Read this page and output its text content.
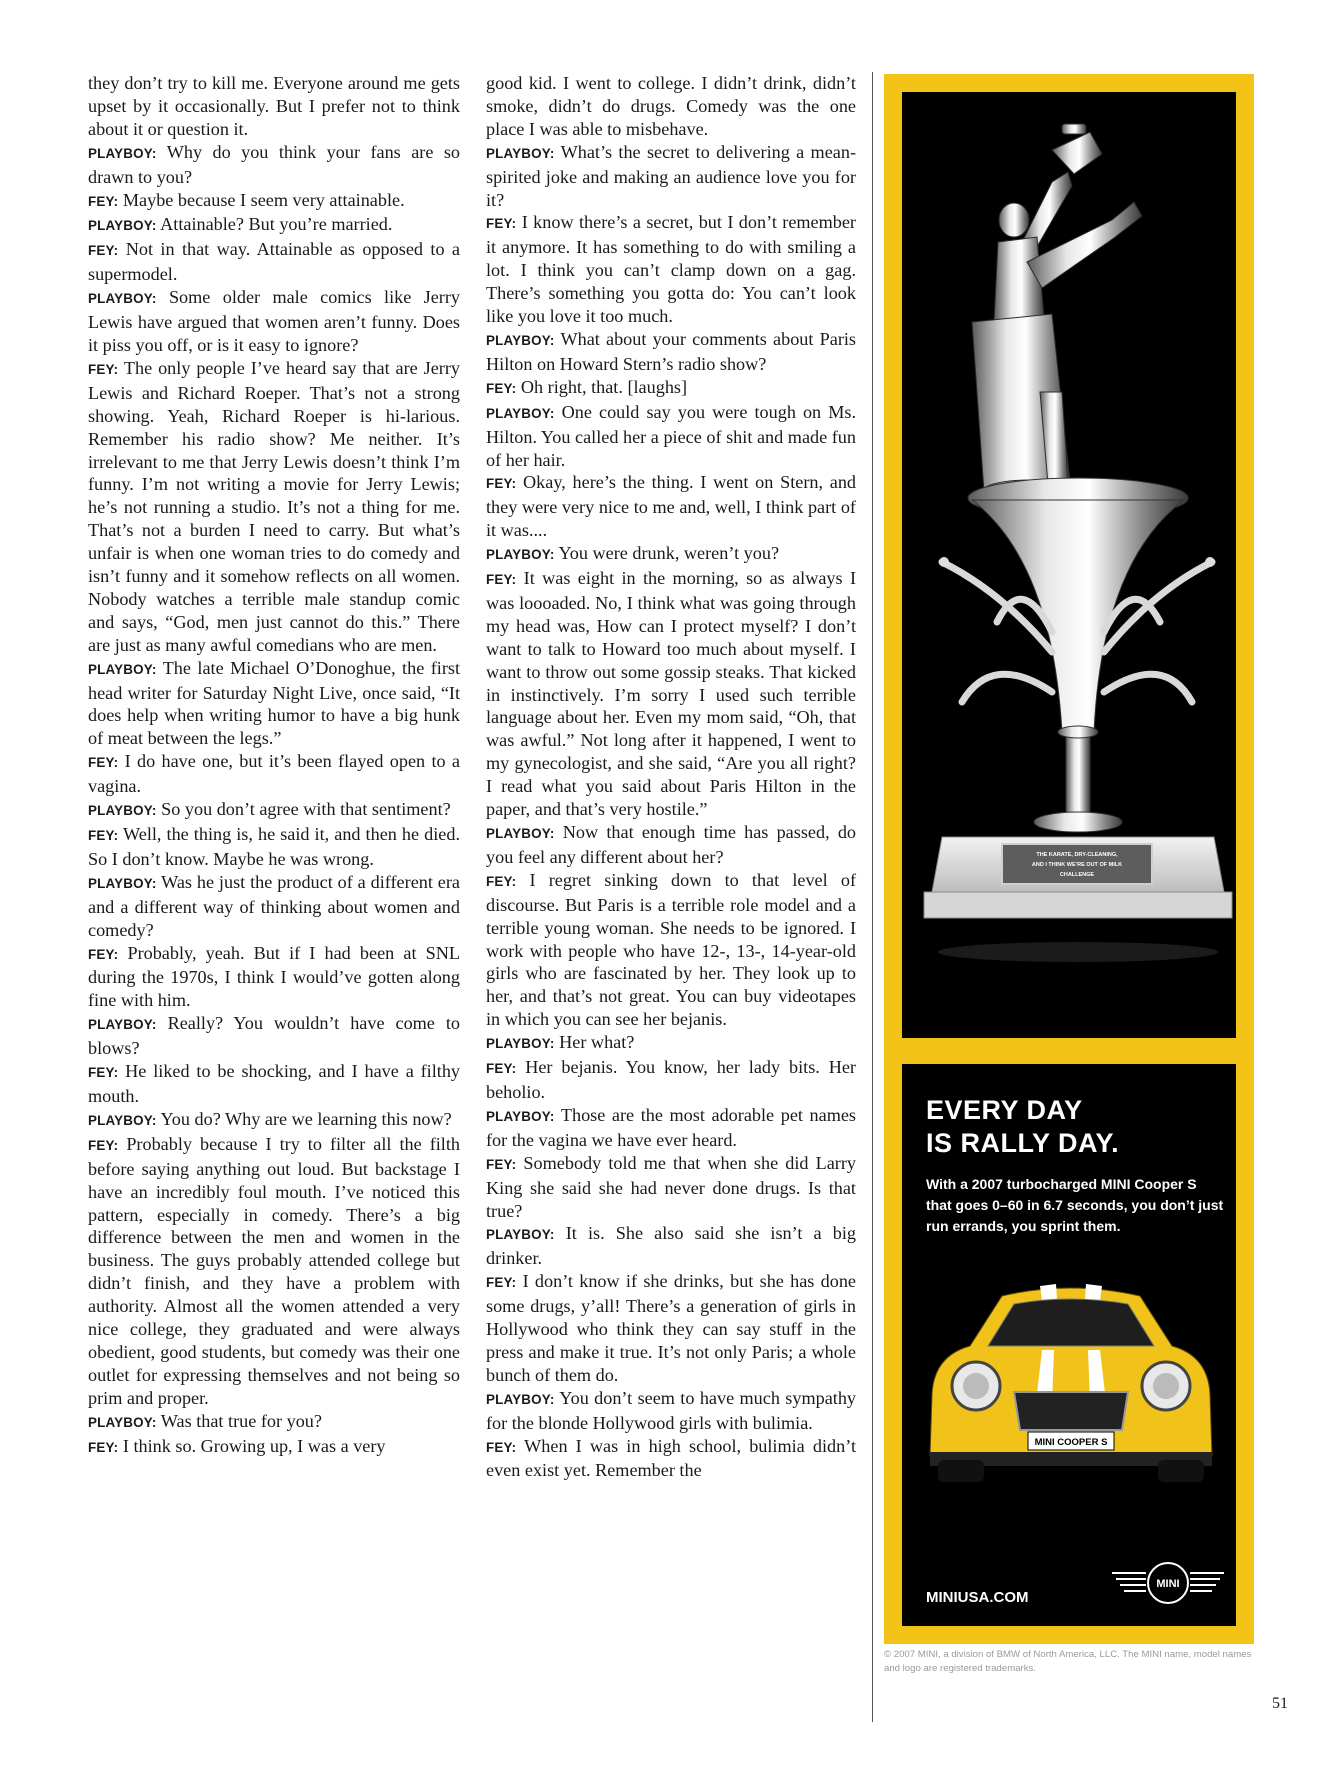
they don’t try to kill me. Everyone around me gets upset by it occasionally. But I prefer not to think about it or question it.

PLAYBOY: Why do you think your fans are so drawn to you?

FEY: Maybe because I seem very attainable.

PLAYBOY: Attainable? But you’re married.

FEY: Not in that way. Attainable as opposed to a supermodel.

PLAYBOY: Some older male comics like Jerry Lewis have argued that women aren’t funny. Does it piss you off, or is it easy to ignore?

FEY: The only people I’ve heard say that are Jerry Lewis and Richard Roeper. That’s not a strong showing. Yeah, Richard Roeper is hi-larious. Remember his radio show? Me neither. It’s irrelevant to me that Jerry Lewis doesn’t think I’m funny. I’m not writing a movie for Jerry Lewis; he’s not running a studio. It’s not a thing for me. That’s not a burden I need to carry. But what’s unfair is when one woman tries to do comedy and isn’t funny and it somehow reflects on all women. Nobody watches a terrible male standup comic and says, “God, men just cannot do this.” There are just as many awful comedians who are men.

PLAYBOY: The late Michael O’Donoghue, the first head writer for Saturday Night Live, once said, “It does help when writing humor to have a big hunk of meat between the legs.”

FEY: I do have one, but it’s been flayed open to a vagina.

PLAYBOY: So you don’t agree with that sentiment?

FEY: Well, the thing is, he said it, and then he died. So I don’t know. Maybe he was wrong.

PLAYBOY: Was he just the product of a different era and a different way of thinking about women and comedy?

FEY: Probably, yeah. But if I had been at SNL during the 1970s, I think I would’ve gotten along fine with him.

PLAYBOY: Really? You wouldn’t have come to blows?

FEY: He liked to be shocking, and I have a filthy mouth.

PLAYBOY: You do? Why are we learning this now?

FEY: Probably because I try to filter all the filth before saying anything out loud. But backstage I have an incredibly foul mouth. I’ve noticed this pattern, especially in comedy. There’s a big difference between the men and women in the business. The guys probably attended college but didn’t finish, and they have a problem with authority. Almost all the women attended a very nice college, they graduated and were always obedient, good students, but comedy was their one outlet for expressing themselves and not being so prim and proper.

PLAYBOY: Was that true for you?

FEY: I think so. Growing up, I was a very

good kid. I went to college. I didn’t drink, didn’t smoke, didn’t do drugs. Comedy was the one place I was able to misbehave.

PLAYBOY: What’s the secret to delivering a mean-spirited joke and making an audience love you for it?

FEY: I know there’s a secret, but I don’t remember it anymore. It has something to do with smiling a lot. I think you can’t clamp down on a gag. There’s something you gotta do: You can’t look like you love it too much.

PLAYBOY: What about your comments about Paris Hilton on Howard Stern’s radio show?

FEY: Oh right, that. [laughs]

PLAYBOY: One could say you were tough on Ms. Hilton. You called her a piece of shit and made fun of her hair.

FEY: Okay, here’s the thing. I went on Stern, and they were very nice to me and, well, I think part of it was....

PLAYBOY: You were drunk, weren’t you?

FEY: It was eight in the morning, so as always I was loooaded. No, I think what was going through my head was, How can I protect myself? I don’t want to talk to Howard too much about myself. I want to throw out some gossip steaks. That kicked in instinctively. I’m sorry I used such terrible language about her. Even my mom said, “Oh, that was awful.” Not long after it happened, I went to my gynecologist, and she said, “Are you all right? I read what you said about Paris Hilton in the paper, and that’s very hostile.”

PLAYBOY: Now that enough time has passed, do you feel any different about her?

FEY: I regret sinking down to that level of discourse. But Paris is a terrible role model and a terrible young woman. She needs to be ignored. I work with people who have 12-, 13-, 14-year-old girls who are fascinated by her. They look up to her, and that’s not great. You can buy videotapes in which you can see her bejanis.

PLAYBOY: Her what?

FEY: Her bejanis. You know, her lady bits. Her beholio.

PLAYBOY: Those are the most adorable pet names for the vagina we have ever heard.

FEY: Somebody told me that when she did Larry King she said she had never done drugs. Is that true?

PLAYBOY: It is. She also said she isn’t a big drinker.

FEY: I don’t know if she drinks, but she has done some drugs, y’all! There’s a generation of girls in Hollywood who think they can say stuff in the press and make it true. It’s not only Paris; a whole bunch of them do.

PLAYBOY: You don’t seem to have much sympathy for the blonde Hollywood girls with bulimia.

FEY: When I was in high school, bulimia didn’t even exist yet. Remember the

THE KARATE, DRY-CLEANING,
AND I THINK WE’RE OUT OF MILK
CHALLENGE
EVERY DAY
IS RALLY DAY.
With a 2007 turbocharged MINI Cooper S that goes 0–60 in 6.7 seconds, you don’t just run errands, you sprint them.
MINI COOPER S
MINI
MINIUSA.COM
© 2007 MINI, a division of BMW of North America, LLC. The MINI name, model names and logo are registered trademarks.
51
